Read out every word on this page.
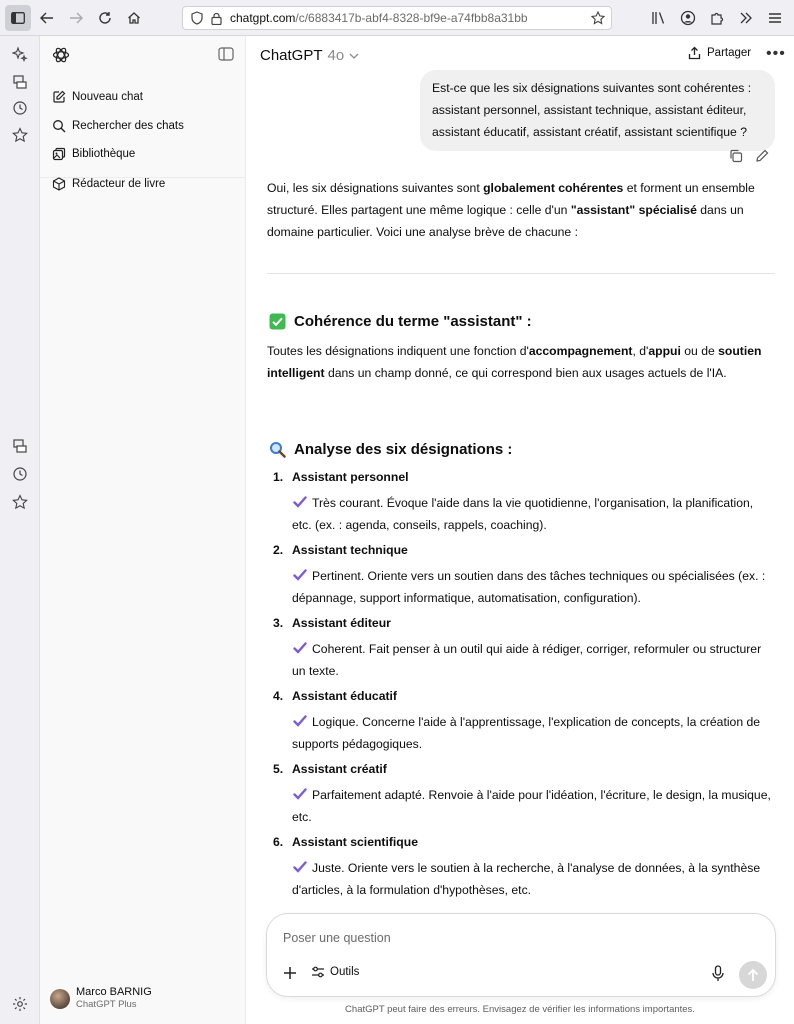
chatgpt.com /c/6883417b-abf4-8328-bf9e-a74fbb8a31bb
Nouveau chat
Rechercher des chats
Bibliothèque
Rédacteur de livre
Marco BARNIG
ChatGPT Plus
ChatGPT 4o	Partager •••
Est-ce que les six désignations suivantes sont cohérentes : assistant personnel, assistant technique, assistant éditeur, assistant éducatif, assistant créatif, assistant scientifique ?
Oui, les six désignations suivantes sont globalement cohérentes et forment un ensemble structuré. Elles partagent une même logique : celle d'un "assistant" spécialisé dans un domaine particulier. Voici une analyse brève de chacune :
Cohérence du terme "assistant" :
Toutes les désignations indiquent une fonction d'accompagnement, d'appui ou de soutien intelligent dans un champ donné, ce qui correspond bien aux usages actuels de l'IA.
Analyse des six désignations :
1. Assistant personnel
Très courant. Évoque l'aide dans la vie quotidienne, l'organisation, la planification, etc. (ex. : agenda, conseils, rappels, coaching).
2. Assistant technique
Pertinent. Oriente vers un soutien dans des tâches techniques ou spécialisées (ex. : dépannage, support informatique, automatisation, configuration).
3. Assistant éditeur
Coherent. Fait penser à un outil qui aide à rédiger, corriger, reformuler ou structurer un texte.
4. Assistant éducatif
Logique. Concerne l'aide à l'apprentissage, l'explication de concepts, la création de supports pédagogiques.
5. Assistant créatif
Parfaitement adapté. Renvoie à l'aide pour l'idéation, l'écriture, le design, la musique, etc.
6. Assistant scientifique
Juste. Oriente vers le soutien à la recherche, à l'analyse de données, à la synthèse d'articles, à la formulation d'hypothèses, etc.
Poser une question
Outils
ChatGPT peut faire des erreurs. Envisagez de vérifier les informations importantes.
